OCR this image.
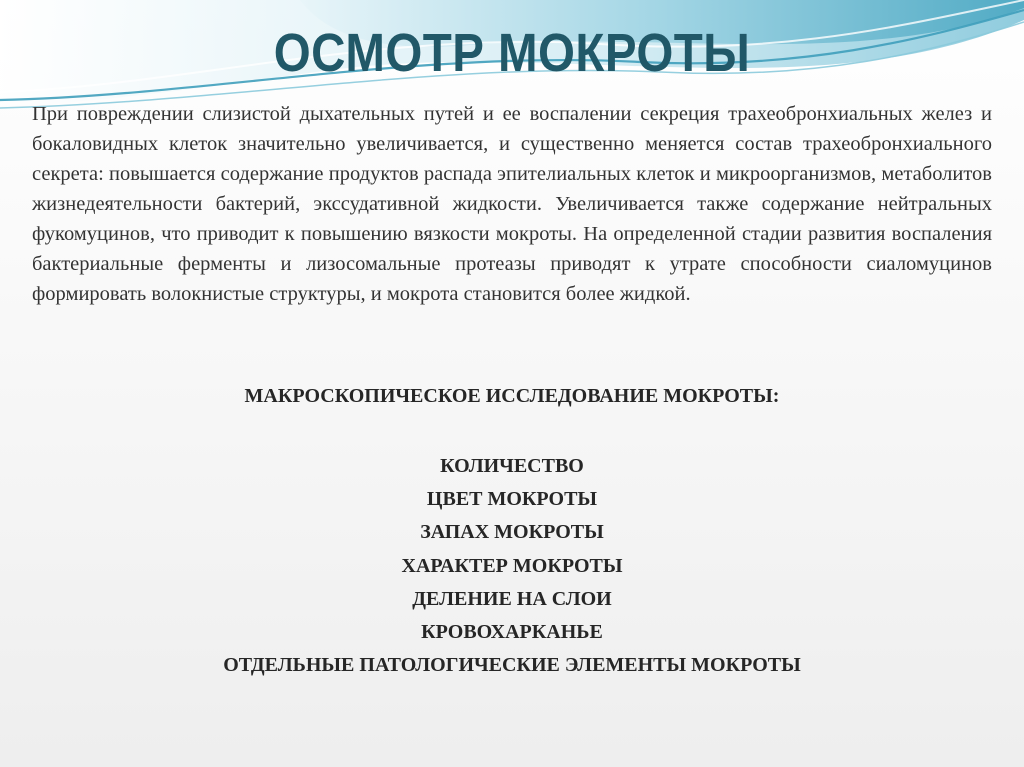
ОСМОТР МОКРОТЫ

При повреждении слизистой дыхательных путей и ее воспалении секреция трахеобронхиальных желез и бокаловидных клеток значительно увеличивается, и существенно меняется состав трахеобронхиального секрета: повышается содержание продуктов распада эпителиальных клеток и микроорганизмов, метаболитов жизнедеятельности бактерий, экссудативной жидкости. Увеличивается также содержание нейтральных фукомуцинов, что приводит к повышению вязкости мокроты. На определенной стадии развития воспаления бактериальные ферменты и лизосомальные протеазы приводят к утрате способности сиаломуцинов формировать волокнистые структуры, и мокрота становится более жидкой.

МАКРОСКОПИЧЕСКОЕ ИССЛЕДОВАНИЕ МОКРОТЫ:

КОЛИЧЕСТВО
ЦВЕТ МОКРОТЫ
ЗАПАХ МОКРОТЫ
ХАРАКТЕР МОКРОТЫ
ДЕЛЕНИЕ НА СЛОИ
КРОВОХАРКАНЬЕ
ОТДЕЛЬНЫЕ ПАТОЛОГИЧЕСКИЕ ЭЛЕМЕНТЫ МОКРОТЫ
